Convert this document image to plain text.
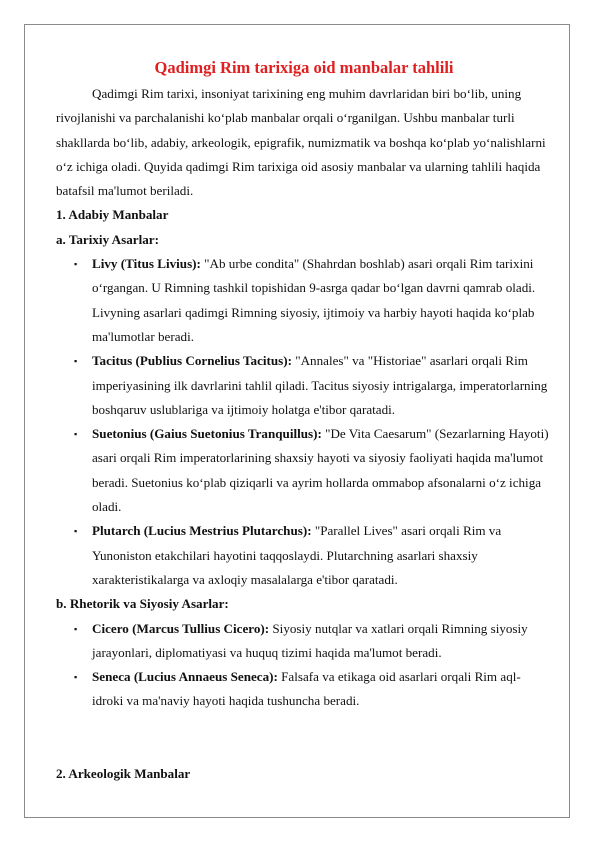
Qadimgi Rim tarixiga oid manbalar tahlili

Qadimgi Rim tarixi, insoniyat tarixining eng muhim davrlaridan biri bo‘lib, uning rivojlanishi va parchalanishi ko‘plab manbalar orqali o‘rganilgan. Ushbu manbalar turli shakllarda bo‘lib, adabiy, arkeologik, epigrafik, numizmatik va boshqa ko‘plab yo‘nalishlarni o‘z ichiga oladi. Quyida qadimgi Rim tarixiga oid asosiy manbalar va ularning tahlili haqida batafsil ma'lumot beriladi.

1. Adabiy Manbalar

a. Tarixiy Asarlar:

▪ Livy (Titus Livius): "Ab urbe condita" (Shahrdan boshlab) asari orqali Rim tarixini o‘rgangan. U Rimning tashkil topishidan 9-asrga qadar bo‘lgan davrni qamrab oladi. Livyning asarlari qadimgi Rimning siyosiy, ijtimoiy va harbiy hayoti haqida ko‘plab ma'lumotlar beradi.
▪ Tacitus (Publius Cornelius Tacitus): "Annales" va "Historiae" asarlari orqali Rim imperiyasining ilk davrlarini tahlil qiladi. Tacitus siyosiy intrigalarga, imperatorlarning boshqaruv uslublariga va ijtimoiy holatga e'tibor qaratadi.
▪ Suetonius (Gaius Suetonius Tranquillus): "De Vita Caesarum" (Sezarlarning Hayoti) asari orqali Rim imperatorlarining shaxsiy hayoti va siyosiy faoliyati haqida ma'lumot beradi. Suetonius ko‘plab qiziqarli va ayrim hollarda ommabop afsonalarni o‘z ichiga oladi.
▪ Plutarch (Lucius Mestrius Plutarchus): "Parallel Lives" asari orqali Rim va Yunoniston etakchilari hayotini taqqoslaydi. Plutarchning asarlari shaxsiy xarakteristikalarga va axloqiy masalalarga e'tibor qaratadi.

b. Rhetorik va Siyosiy Asarlar:

▪ Cicero (Marcus Tullius Cicero): Siyosiy nutqlar va xatlari orqali Rimning siyosiy jarayonlari, diplomatiyasi va huquq tizimi haqida ma'lumot beradi.
▪ Seneca (Lucius Annaeus Seneca): Falsafa va etikaga oid asarlari orqali Rim aql-idroki va ma'naviy hayoti haqida tushuncha beradi.

2. Arkeologik Manbalar
